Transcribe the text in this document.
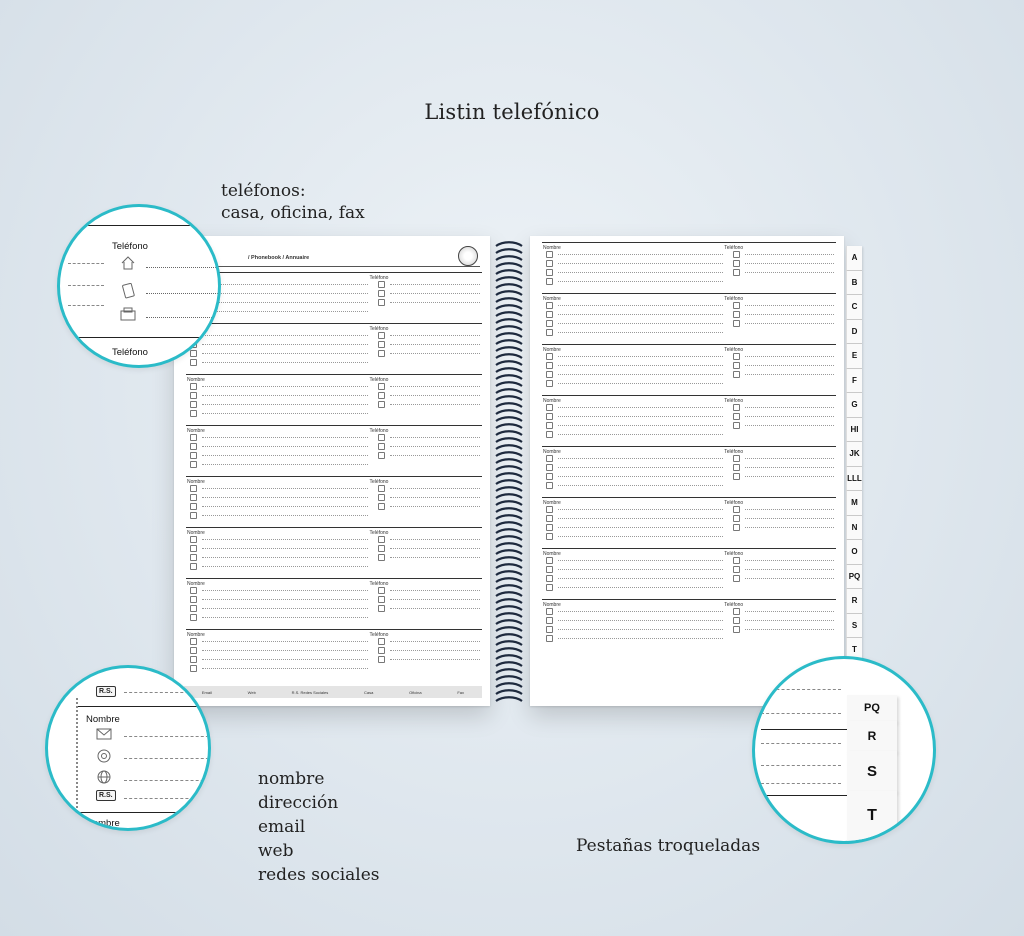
Listin telefónico
teléfonos:
casa, oficina, fax
nombre
dirección
email
web
redes sociales
Pestañas troqueladas
/ Phonebook / Annuaire
Teléfono
Teléfono
Nombre	Teléfono
Nombre	Teléfono
Nombre	Teléfono
Nombre	Teléfono
Nombre	Teléfono
Nombre	Teléfono
Email	Web	R.S. Redes Sociales	Casa	Oficina	Fax
Nombre	Teléfono
Nombre	Teléfono
Nombre	Teléfono
Nombre	Teléfono
Nombre	Teléfono
Nombre	Teléfono
Nombre	Teléfono
Nombre	Teléfono
A
B
C
D
E
F
G
HI
JK
LLL
M
N
O
PQ
R
S
T
Teléfono
Teléfono
R.S.
Nombre
R.S.
Nombre
PQ
R
S
T
